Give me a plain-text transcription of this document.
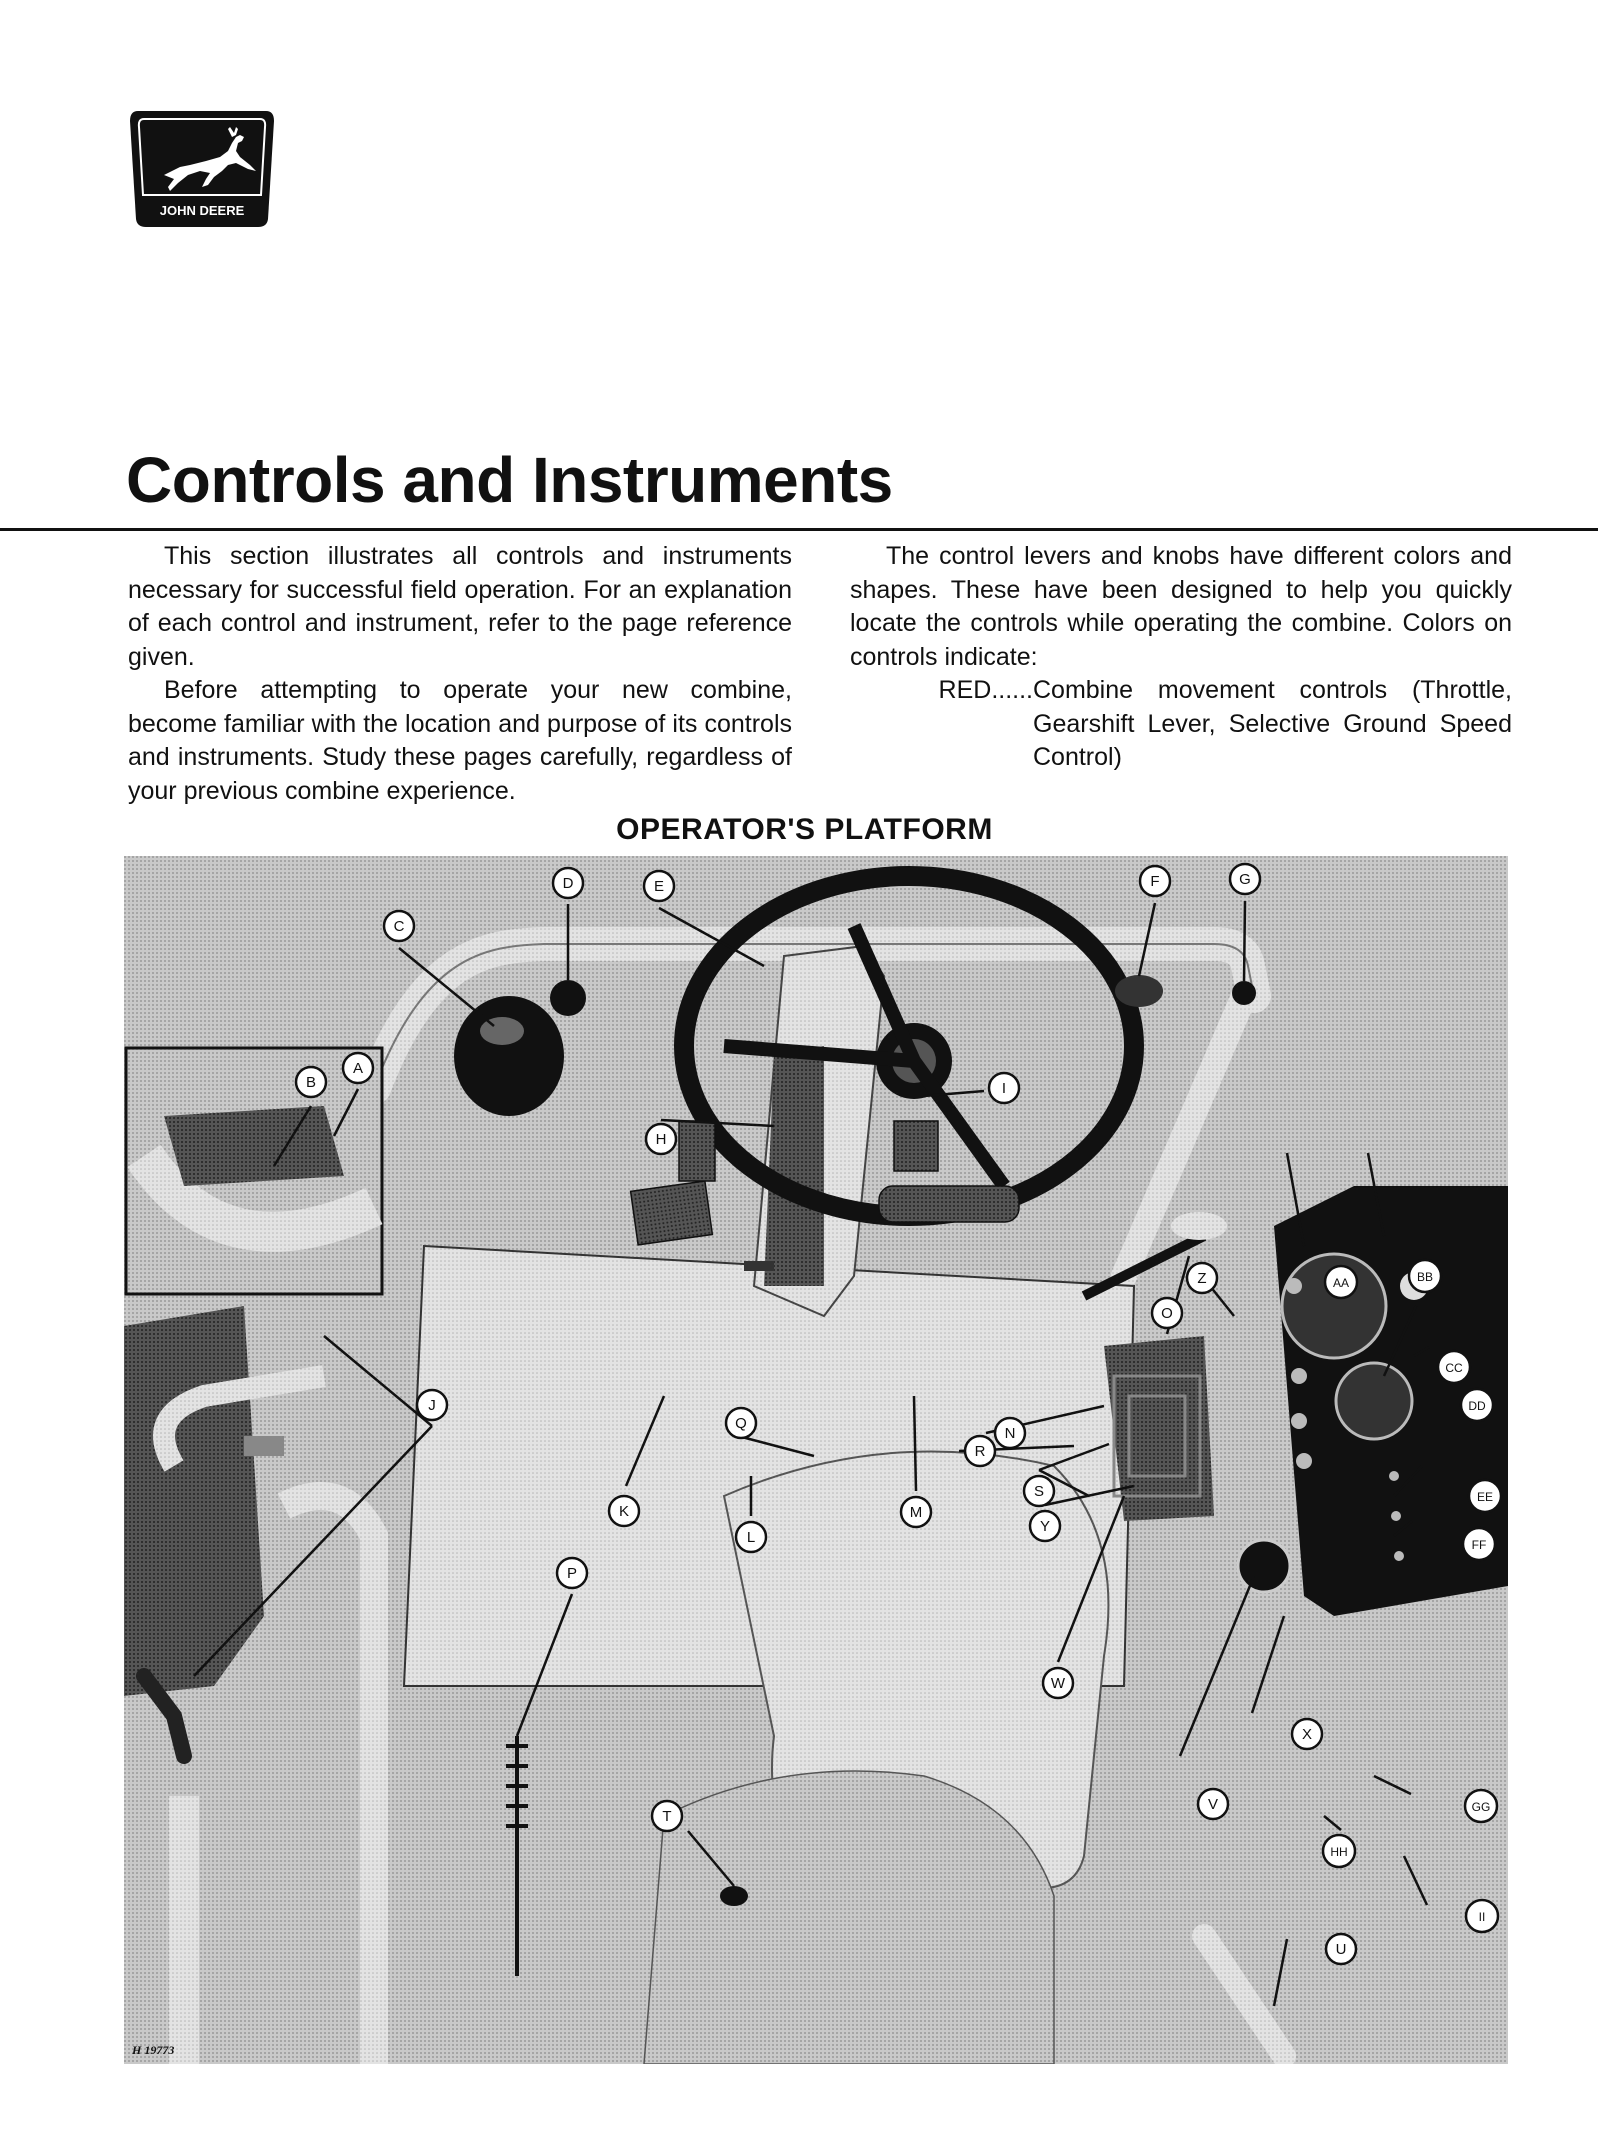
JOHN DEERE
Controls and Instruments

This section illustrates all controls and instruments necessary for successful field operation. For an explanation of each control and instrument, refer to the page reference given.

Before attempting to operate your new combine, become familiar with the location and purpose of its controls and instruments. Study these pages carefully, regardless of your previous combine experience.

The control levers and knobs have different colors and shapes. These have been designed to help you quickly locate the controls while operating the combine. Colors on controls indicate:

RED...... Combine movement controls (Throttle, Gearshift Lever, Selective Ground Speed Control)
OPERATOR'S PLATFORM
A
B
C
D	E	F	G
H
I
J
K
L
M
N
O
P
Q
R
S
T
U
V
W
X
Y
Z	AA	BB
CC
DD
EE
FF
GG
HH
II
H 19773
